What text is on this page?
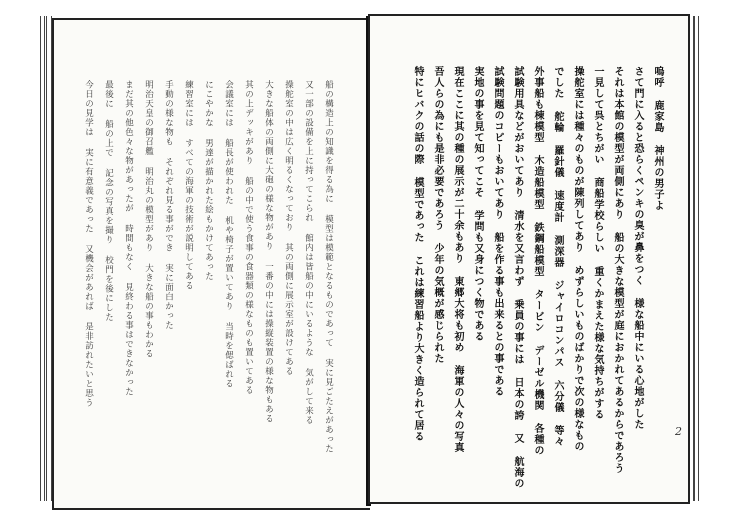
船の構造上の知識を得る為に 模型は模範となるものであって 実に見ごたえがあった
又一部の設備を上に持ってこられ 館内は皆船の中にいるような 気がして来る
操舵室の中は広く明るくなっており 其の両側に展示室が設けてある
大きな船体の両側に大砲の様な物があり 一番の中には操縦装置の様な物もある
其の上デッキがあり 船の中で使う食事の食器類の様なものも置いてある
会議室には 船長が使われた 机や椅子が置いてあり 当時を偲ばれる
にこやかな 男達が描かれた絵もかけてあった
練習室には すべての海軍の技術が説明してある
手動の様な物も それぞれ見る事ができ 実に面白かった
明治天皇の御召艦 明治丸の模型があり 大きな船の事もわかる
まだ其の他色々な物があったが 時間もなく 見終わる事はできなかった
最後に 船の上で 記念の写真を撮り 校門を後にした
今日の見学は 実に有意義であった 又機会があれば 是非訪れたいと思う	嗚呼 鹿家島 神州の男子よ
さて門に入ると恐らくペンキの臭が鼻をつく 様な船中にいる心地がした
それは本館の模型が両側にあり 船の大きな模型が庭におかれてあるからであろう
一見して呉とちがい 商船学校らしい 重くかまえた様な気持ちがする
操舵室には種々のものが陳列してあり めずらしいものばかりで次の様なもの
でした 舵輪 羅針儀 速度計 測深器 ジャイロコンパス 六分儀 等々
外事船も棟模型 木造船模型 鉄鋼船模型 タービン デーゼル機関 各種の
試験用具などがおいてあり 清水を又言わず 乗員の事には 日本の誇 又 航海の
試験問題のコピーもおいてあり 船を作る事も出来るとの事である
実地の事を見て知ってこそ 学問も又身につく物である
現在ここに其の種の展示が二十余もあり 東郷大将も初め 海軍の人々の写真
吾人らの為にも是非必要であろう 少年の気概が感じられた
特にヒバクの話の際 模型であった これは練習船より大きく造られて居る	2
